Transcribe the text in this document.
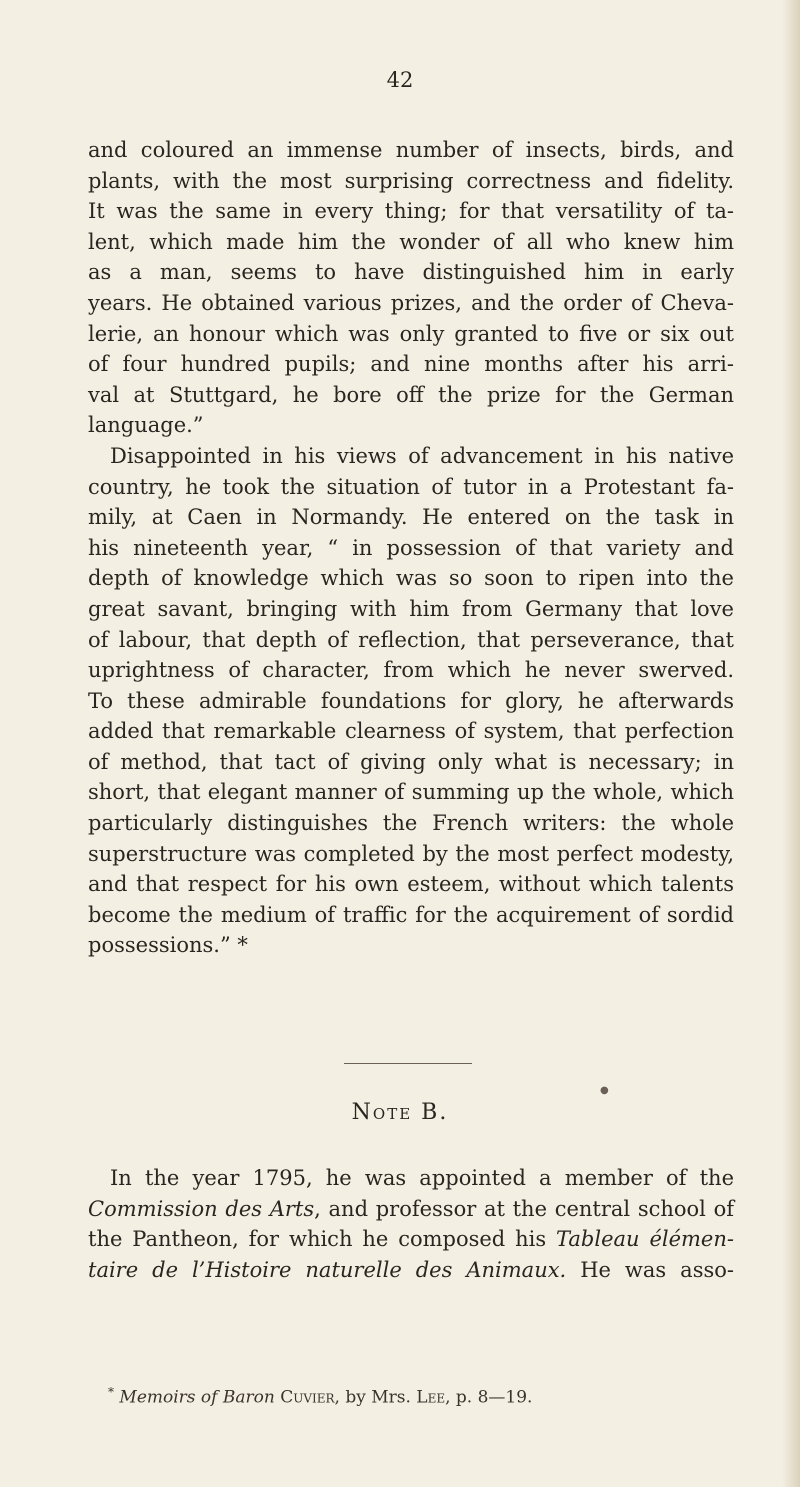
42
and coloured an immense number of insects, birds, and
plants, with the most surprising correctness and fidelity.
It was the same in every thing; for that versatility of ta-
lent, which made him the wonder of all who knew him
as a man, seems to have distinguished him in early
years. He obtained various prizes, and the order of Cheva-
lerie, an honour which was only granted to five or six out
of four hundred pupils; and nine months after his arri-
val at Stuttgard, he bore off the prize for the German
language.”
Disappointed in his views of advancement in his native
country, he took the situation of tutor in a Protestant fa-
mily, at Caen in Normandy. He entered on the task in
his nineteenth year, “ in possession of that variety and
depth of knowledge which was so soon to ripen into the
great savant, bringing with him from Germany that love
of labour, that depth of reflection, that perseverance, that
uprightness of character, from which he never swerved.
To these admirable foundations for glory, he afterwards
added that remarkable clearness of system, that perfection
of method, that tact of giving only what is necessary; in
short, that elegant manner of summing up the whole, which
particularly distinguishes the French writers: the whole
superstructure was completed by the most perfect modesty,
and that respect for his own esteem, without which talents
become the medium of traffic for the acquirement of sordid
possessions.” *
●
Note B.
In the year 1795, he was appointed a member of the
Commission des Arts, and professor at the central school of
the Pantheon, for which he composed his Tableau élémen-
taire de l’Histoire naturelle des Animaux. He was asso-
* Memoirs of Baron Cuvier, by Mrs. Lee, p. 8—19.
